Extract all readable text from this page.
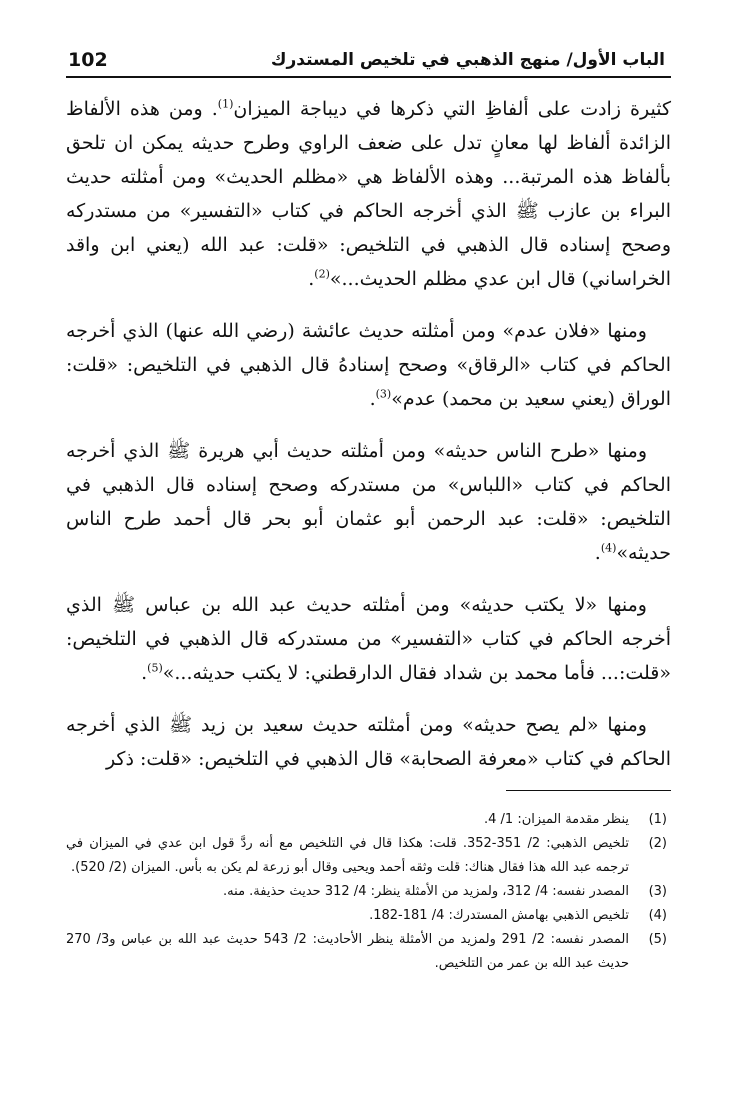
الباب الأول/ منهج الذهبي في تلخيص المستدرك
102

كثيرة زادت على ألفاظِ التي ذكرها في ديباجة الميزان$^{(1)}$. ومن هذه الألفاظ الزائدة ألفاظ لها معانٍ تدل على ضعف الراوي وطرح حديثه يمكن ان تلحق بألفاظ هذه المرتبة... وهذه الألفاظ هي «مظلم الحديث» ومن أمثلته حديث البراء بن عازب ﷺ الذي أخرجه الحاكم في كتاب «التفسير» من مستدركه وصحح إسناده قال الذهبي في التلخيص: «قلت: عبد الله (يعني ابن واقد الخراساني) قال ابن عدي مظلم الحديث...»$^{(2)}$.

ومنها «فلان عدم» ومن أمثلته حديث عائشة (رضي الله عنها) الذي أخرجه الحاكم في كتاب «الرقاق» وصحح إسنادهُ قال الذهبي في التلخيص: «قلت: الوراق (يعني سعيد بن محمد) عدم»$^{(3)}$.

ومنها «طرح الناس حديثه» ومن أمثلته حديث أبي هريرة ﷺ الذي أخرجه الحاكم في كتاب «اللباس» من مستدركه وصحح إسناده قال الذهبي في التلخيص: «قلت: عبد الرحمن أبو عثمان أبو بحر قال أحمد طرح الناس حديثه»$^{(4)}$.

ومنها «لا يكتب حديثه» ومن أمثلته حديث عبد الله بن عباس ﷺ الذي أخرجه الحاكم في كتاب «التفسير» من مستدركه قال الذهبي في التلخيص: «قلت:... فأما محمد بن شداد فقال الدارقطني: لا يكتب حديثه...»$^{(5)}$.

ومنها «لم يصح حديثه» ومن أمثلته حديث سعيد بن زيد ﷺ الذي أخرجه الحاكم في كتاب «معرفة الصحابة» قال الذهبي في التلخيص: «قلت: ذكر

(1)
ينظر مقدمة الميزان: 1/ 4.
(2)
تلخيص الذهبي: 2/ 351-352. قلت: هكذا قال في التلخيص مع أنه ردَّ قول ابن عدي في الميزان في ترجمه عبد الله هذا فقال هناك: قلت وثقه أحمد ويحيى وقال أبو زرعة لم يكن به بأس. الميزان (2/ 520).
(3)
المصدر نفسه: 4/ 312، ولمزيد من الأمثلة ينظر: 4/ 312 حديث حذيفة. منه.
(4)
تلخيص الذهبي بهامش المستدرك: 4/ 181-182.
(5)
المصدر نفسه: 2/ 291 ولمزيد من الأمثلة ينظر الأحاديث: 2/ 543 حديث عبد الله بن عباس و3/ 270 حديث عبد الله بن عمر من التلخيص.
